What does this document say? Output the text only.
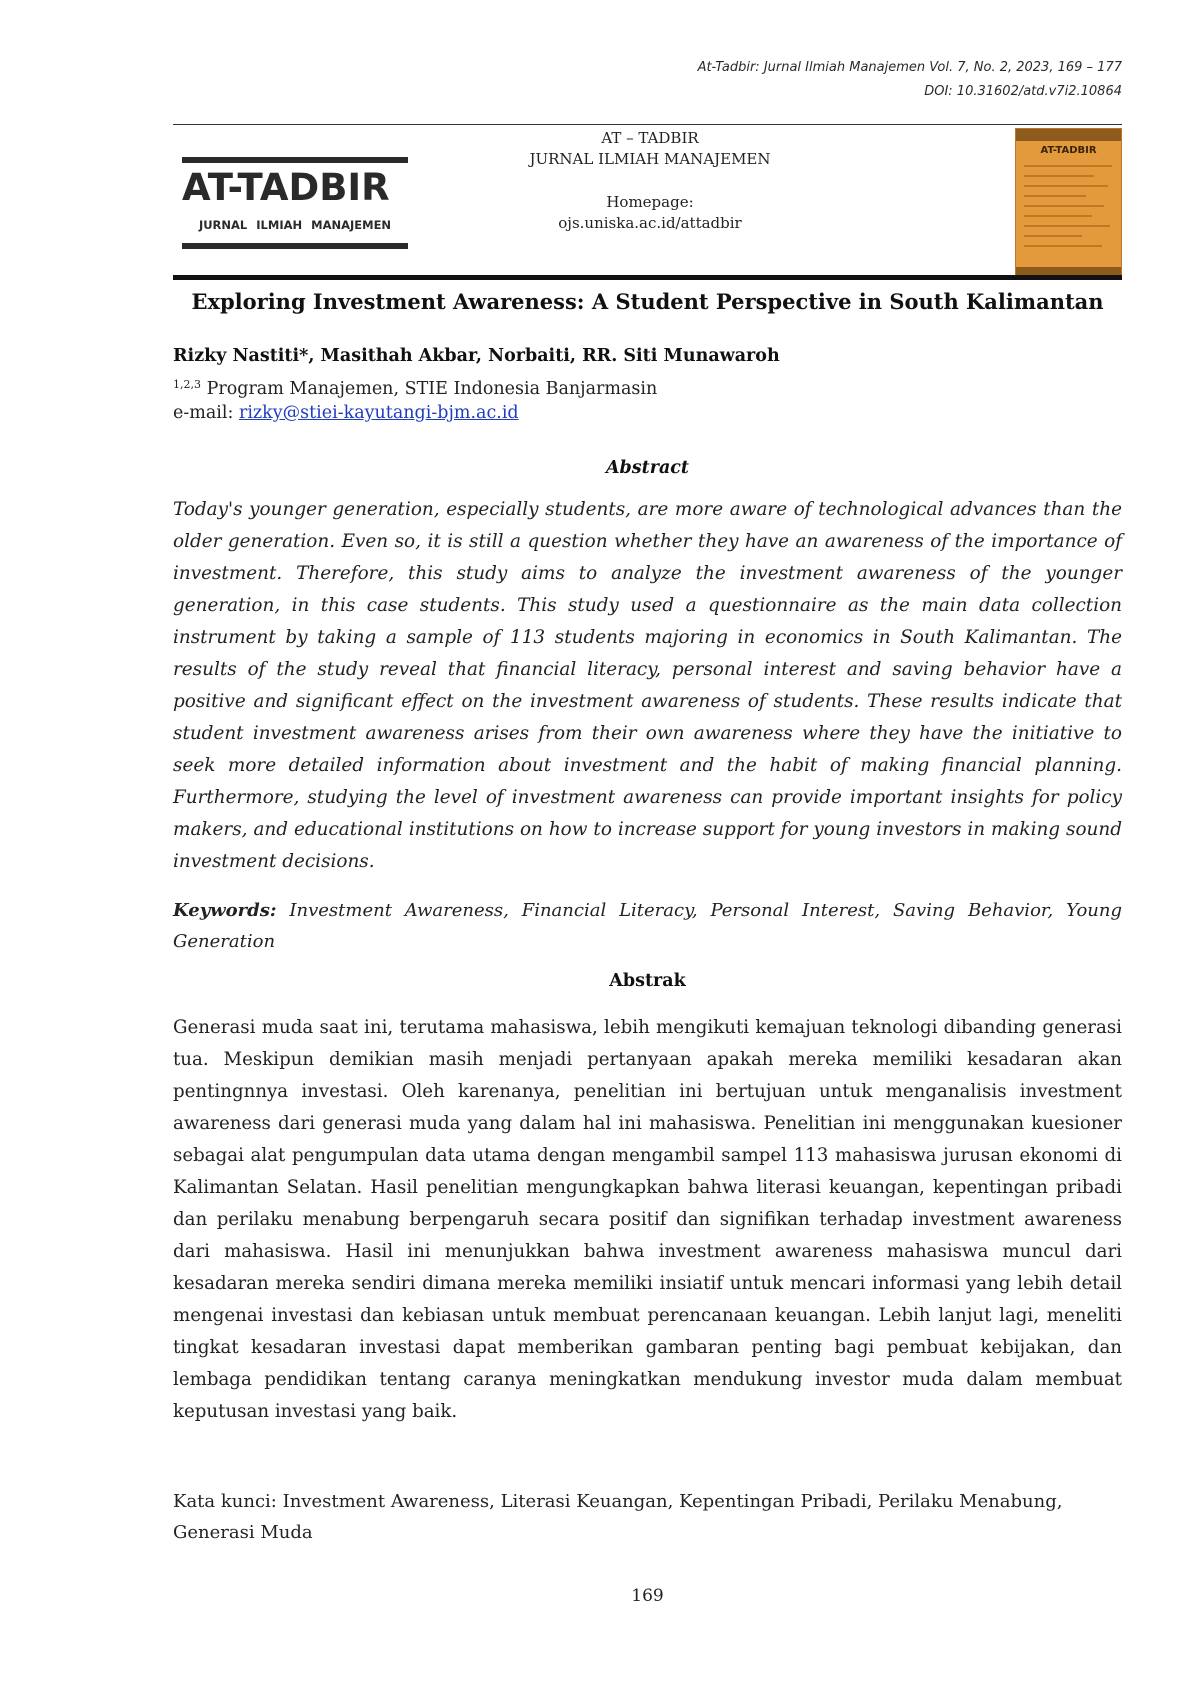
At-Tadbir: Jurnal Ilmiah Manajemen Vol. 7, No. 2, 2023, 169 – 177
DOI: 10.31602/atd.v7i2.10864
AT-TADBIR
JURNAL ILMIAH MANAJEMEN
AT – TADBIR
JURNAL ILMIAH MANAJEMEN
Homepage: ojs.uniska.ac.id/attadbir
AT-TADBIR
Exploring Investment Awareness: A Student Perspective in South Kalimantan
Rizky Nastiti*, Masithah Akbar, Norbaiti, RR. Siti Munawaroh
$^{1,2,3}$ Program Manajemen, STIE Indonesia Banjarmasin
e-mail: rizky@stiei-kayutangi-bjm.ac.id
Abstract

Today's younger generation, especially students, are more aware of technological advances than the older generation. Even so, it is still a question whether they have an awareness of the importance of investment. Therefore, this study aims to analyze the investment awareness of the younger generation, in this case students. This study used a questionnaire as the main data collection instrument by taking a sample of 113 students majoring in economics in South Kalimantan. The results of the study reveal that financial literacy, personal interest and saving behavior have a positive and significant effect on the investment awareness of students. These results indicate that student investment awareness arises from their own awareness where they have the initiative to seek more detailed information about investment and the habit of making financial planning. Furthermore, studying the level of investment awareness can provide important insights for policy makers, and educational institutions on how to increase support for young investors in making sound investment decisions.

Keywords: Investment Awareness, Financial Literacy, Personal Interest, Saving Behavior, Young Generation

Abstrak

Generasi muda saat ini, terutama mahasiswa, lebih mengikuti kemajuan teknologi dibanding generasi tua. Meskipun demikian masih menjadi pertanyaan apakah mereka memiliki kesadaran akan pentingnnya investasi. Oleh karenanya, penelitian ini bertujuan untuk menganalisis investment awareness dari generasi muda yang dalam hal ini mahasiswa. Penelitian ini menggunakan kuesioner sebagai alat pengumpulan data utama dengan mengambil sampel 113 mahasiswa jurusan ekonomi di Kalimantan Selatan. Hasil penelitian mengungkapkan bahwa literasi keuangan, kepentingan pribadi dan perilaku menabung berpengaruh secara positif dan signifikan terhadap investment awareness dari mahasiswa. Hasil ini menunjukkan bahwa investment awareness mahasiswa muncul dari kesadaran mereka sendiri dimana mereka memiliki insiatif untuk mencari informasi yang lebih detail mengenai investasi dan kebiasan untuk membuat perencanaan keuangan. Lebih lanjut lagi, meneliti tingkat kesadaran investasi dapat memberikan gambaran penting bagi pembuat kebijakan, dan lembaga pendidikan tentang caranya meningkatkan mendukung investor muda dalam membuat keputusan investasi yang baik.

Kata kunci: Investment Awareness, Literasi Keuangan, Kepentingan Pribadi, Perilaku Menabung, Generasi Muda

169
